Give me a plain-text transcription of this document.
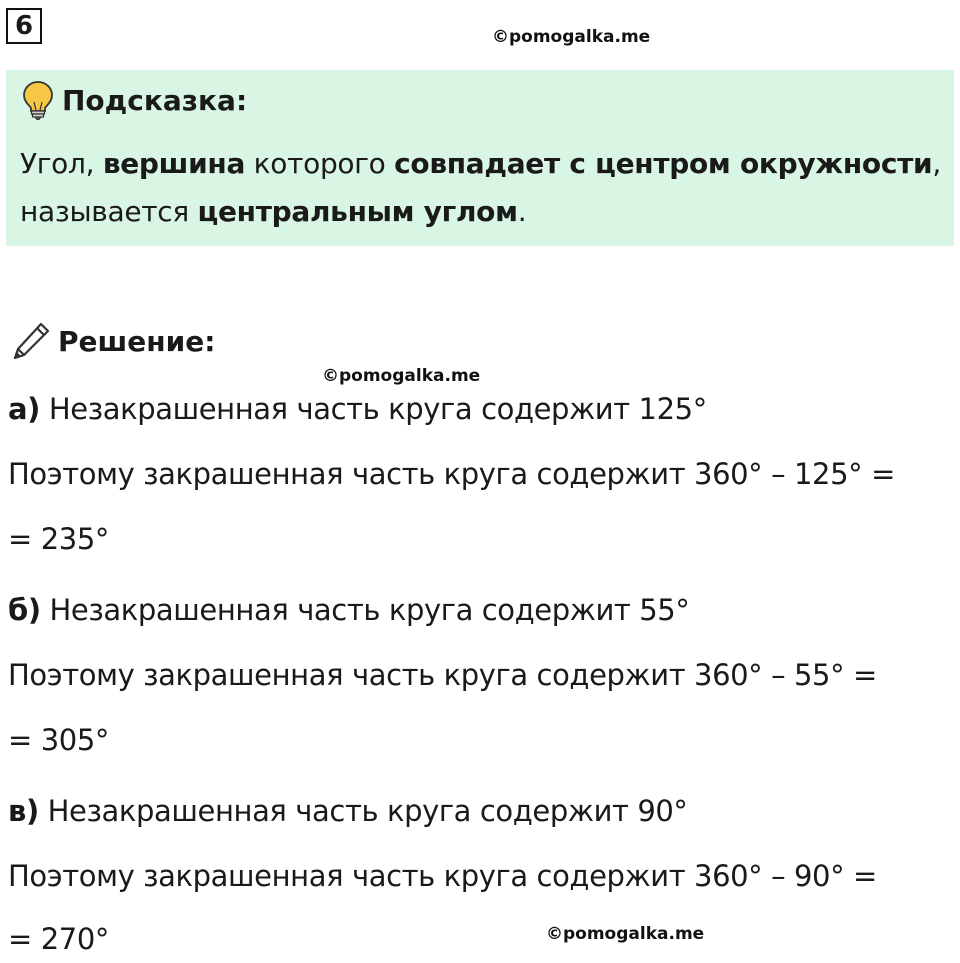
6	©pomogalka.me
Подсказка:
Угол, вершина которого совпадает с центром окружности,
называется центральным углом.
Решение:
©pomogalka.me
а) Незакрашенная часть круга содержит 125°
Поэтому закрашенная часть круга содержит 360° – 125° =
= 235°
б) Незакрашенная часть круга содержит 55°
Поэтому закрашенная часть круга содержит 360° – 55° =
= 305°
в) Незакрашенная часть круга содержит 90°
Поэтому закрашенная часть круга содержит 360° – 90° =
= 270°	©pomogalka.me
